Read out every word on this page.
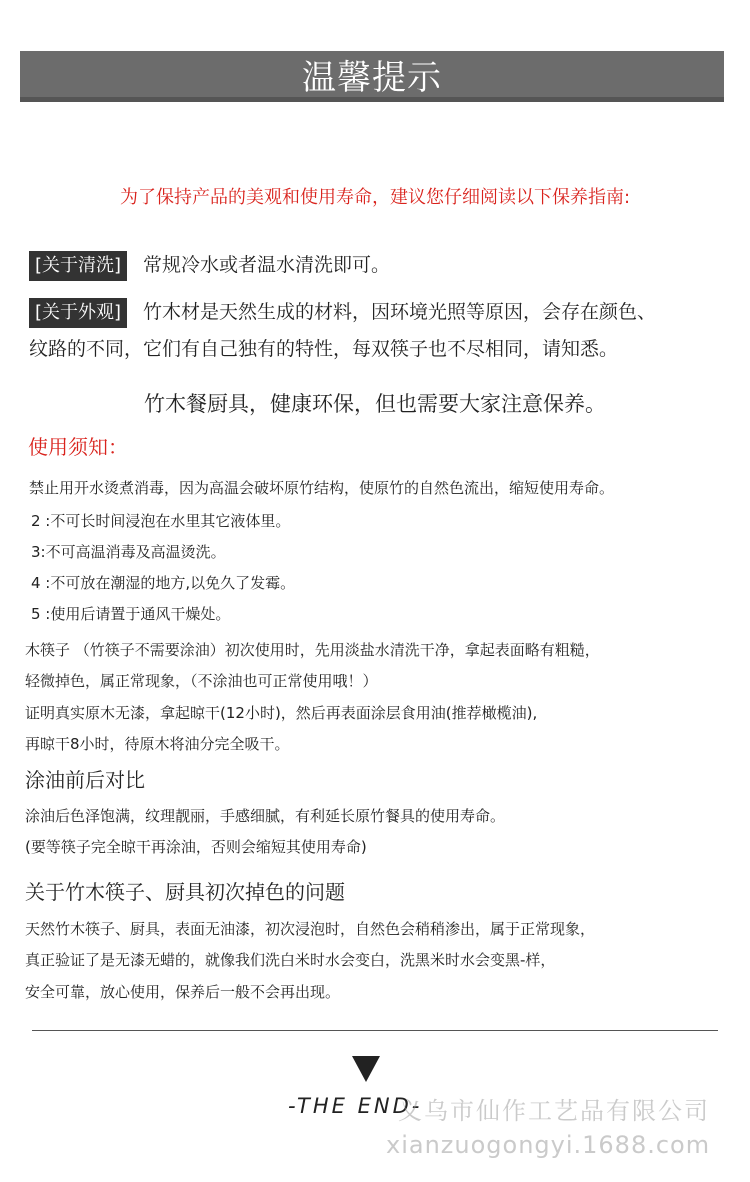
温馨提示
为了保持产品的美观和使用寿命，建议您仔细阅读以下保养指南:
[关于清洗] 常规冷水或者温水清洗即可。
[关于外观] 竹木材是天然生成的材料，因环境光照等原因，会存在颜色、
纹路的不同，它们有自己独有的特性，每双筷子也不尽相同，请知悉。
竹木餐厨具，健康环保，但也需要大家注意保养。
使用须知：
禁止用开水烫煮消毒，因为高温会破坏原竹结构，使原竹的自然色流出，缩短使用寿命。
2 :不可长时间浸泡在水里其它液体里。
3:不可高温消毒及高温烫洗。
4 :不可放在潮湿的地方,以免久了发霉。
5 :使用后请置于通风干燥处。
木筷子 （竹筷子不需要涂油）初次使用时，先用淡盐水清洗干净，拿起表面略有粗糙，
轻微掉色，属正常现象，（不涂油也可正常使用哦！）
证明真实原木无漆，拿起晾干(12小时)，然后再表面涂层食用油(推荐橄榄油),
再晾干8小时，待原木将油分完全吸干。
涂油前后对比
涂油后色泽饱满，纹理靓丽，手感细腻，有利延长原竹餐具的使用寿命。
(要等筷子完全晾干再涂油，否则会缩短其使用寿命)
关于竹木筷子、厨具初次掉色的问题
天然竹木筷子、厨具，表面无油漆，初次浸泡时，自然色会稍稍渗出，属于正常现象，
真正验证了是无漆无蜡的，就像我们洗白米时水会变白，洗黑米时水会变黑-样，
安全可靠，放心使用，保养后一般不会再出现。
-THE END-
义乌市仙作工艺品有限公司
xianzuogongyi.1688.com
